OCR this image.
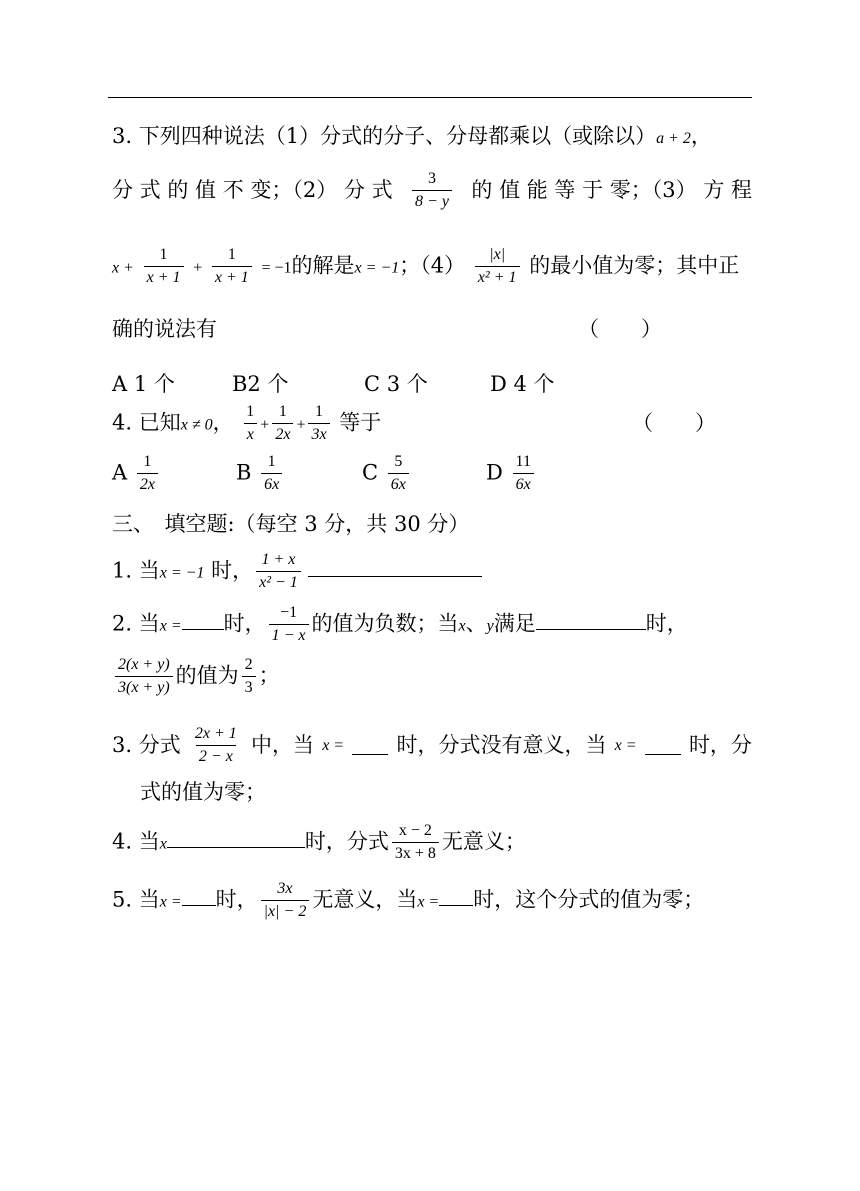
3. 下列四种说法（1）分式的分子、分母都乘以（或除以）a + 2，
分 式 的 值 不 变；（2） 分 式 $\frac{3}{8 - y}$ 的 值 能 等 于 零；（3） 方 程
$x + \frac{1}{x + 1} + \frac{1}{x + 1} = -1$的解是x = −1；$(4) \frac{|x|}{\text{x² + 1}}$ 的最小值为零；其中正
确的说法有	（　　）
A 1 个	B2 个	C 3 个	D 4 个
4. 已知x ≠ 0， $\frac{1}{x} + \frac{1}{2x} + \frac{1}{3x}$ 等于	（　　）
A $\frac{1}{2x}$	B $\frac{1}{6x}$	C $\frac{5}{6x}$	D $\frac{11}{6x}$
三、　填空题:（每空 3 分，共 30 分）
1. 当x = −1 时， $\frac{1 + x}{\text{x² − 1}}$
2. 当x = 时， $\frac{-1}{1 - x}$ 的值为负数；当x、y满足	时，
$\frac{2(x + y)}{3(x + y)}$ 的值为 $\frac{2}{3}$ ；
3. 分式 $\frac{2x + 1}{2 - x}$ 中，当 x = 时，分式没有意义，当 x = 时，分
式的值为零；
4. 当x	时，分式 $\frac{x - 2}{3x + 8}$ 无意义；
5. 当x = 时， $\frac{3x}{|x| - 2}$ 无意义，当x = 时，这个分式的值为零；
